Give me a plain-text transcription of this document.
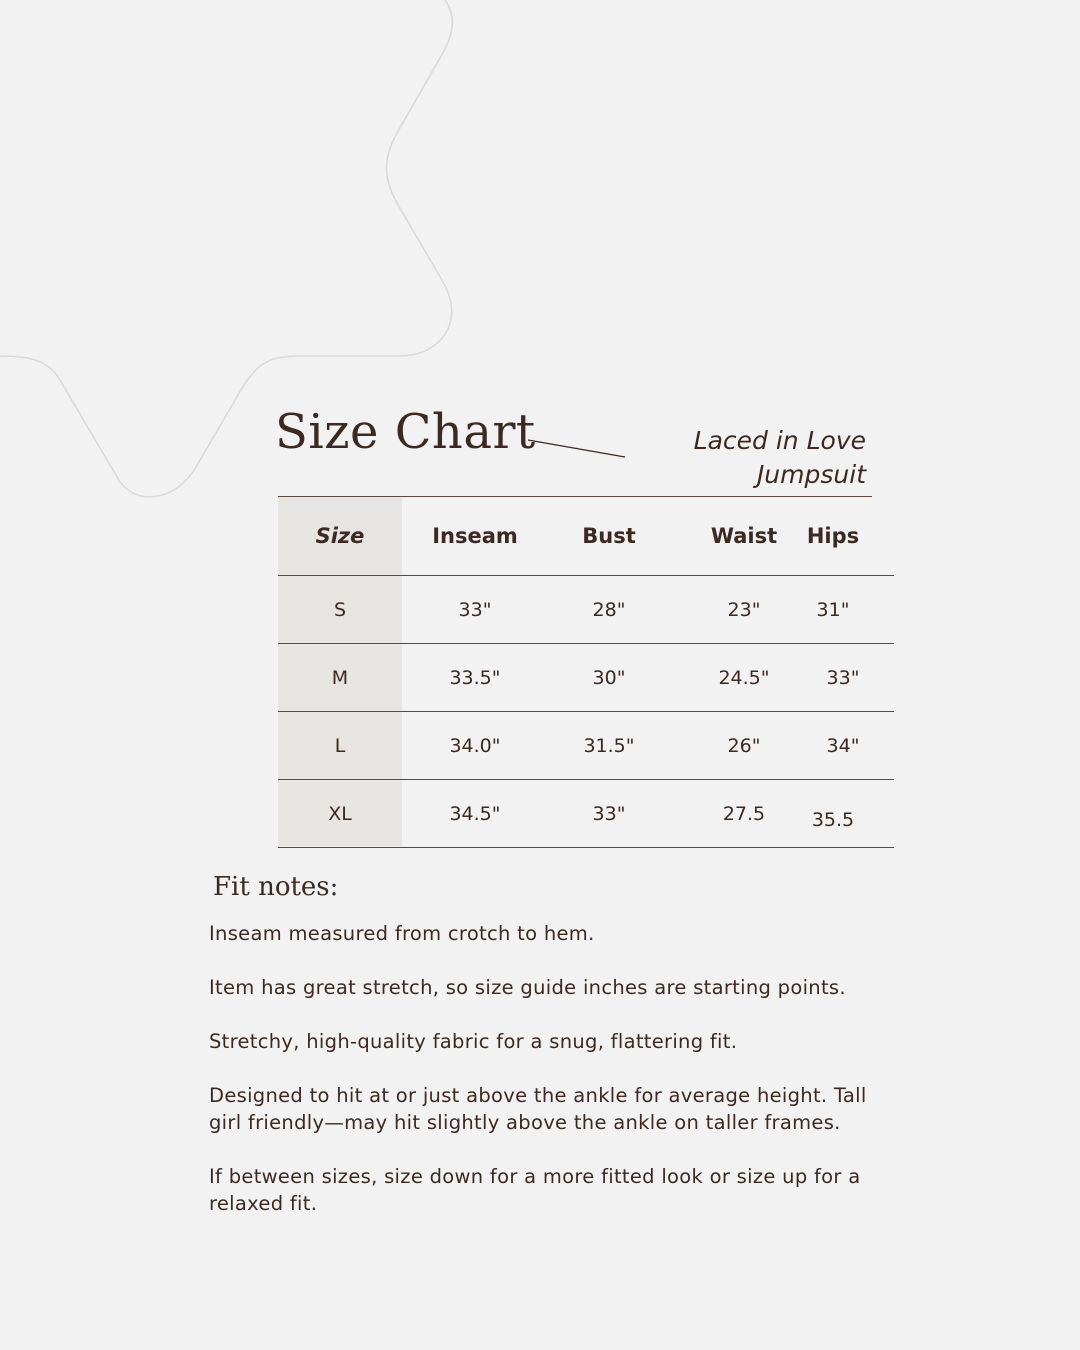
Size Chart	Laced in Love
Jumpsuit
Size	Inseam	Bust	Waist	Hips
S	33"	28"	23"	31"
M	33.5"	30"	24.5"	33"
L	34.0"	31.5"	26"	34"
XL	34.5"	33"	27.5	35.5
Fit notes:

Inseam measured from crotch to hem.

Item has great stretch, so size guide inches are starting points.

Stretchy, high-quality fabric for a snug, flattering fit.

Designed to hit at or just above the ankle for average height. Tall girl friendly—may hit slightly above the ankle on taller frames.

If between sizes, size down for a more fitted look or size up for a relaxed fit.
